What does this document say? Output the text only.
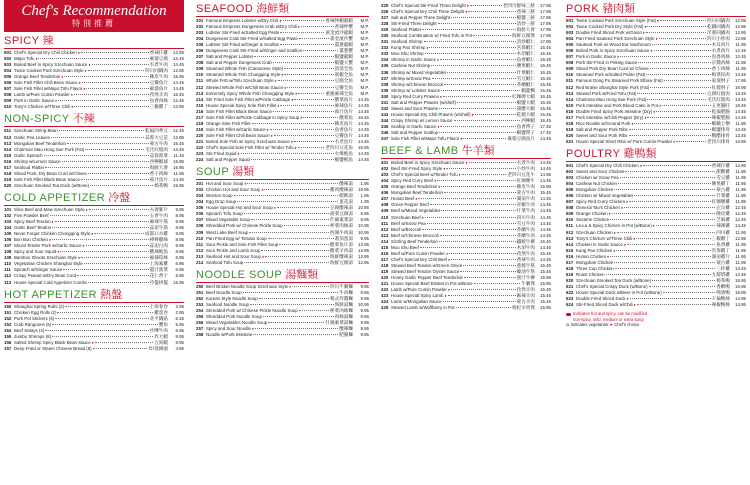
Chef's Recommendation
特別推薦
SPICY 辣
501 Chef's Special Dry Chili Chicken ♦	香辣仔雞	12.95
502 Mapo Tofu ♦	麻婆豆腐	12.45
503 Boiled Beef in Spicy Szechuan Sauce ♦	水煮牛肉	14.45
504 Twice Cooked Pork Szechuan Style ♦	四川回鍋肉	12.95
505 Orange Beef Tenderloin ♦	陳皮牛肉	15.95
506 Sole Fish Fillet Chili Bean Sauce ♦	豆瓣魚片	14.45
507 Sole Fish Fillet w/Mapo Tofu Flavor ♦	麻婆魚片	14.45
508 Lamb w/Pure Cumin Powder ♦	孜然羊肉	15.45
509 Pork in Garlic Sauce ♦	魚香肉絲	12.45
510 Tony's Chicken w/Three Chili ♦	三椒雞丁	12.95
NON-SPICY 不辣
511 Szechuan String Bean	乾煸四季豆	12.45
512 Garlic Pea Leaves	蒜蓉大豆苗	12.95
513 Mongolian Beef Tenderloin	蒙古牛肉	15.45
514 Chairman Mao Hong Sue Pork (Fat)	毛氏紅燒肉	13.45
515 Garlic Spinach	蒜蓉菠菜	11.45
516 Shrimp w/Lemon Sauce	西檸蝦球	15.95
517 Seafood Platter	海鮮大會	16.95
518 Sliced Pork, Dry Bean Curd w/Chives	香干肉絲	11.95
519 Sole Fish Fillet Black Bean Sauce	豉汁魚片	14.45
520 Szechuan Smoked Tea Duck (w/Bone)	樟茶鴨	15.95
COLD APPETIZER 冷盤
101 Slice Beef and Maw Szechuan Style ♦	夫妻肺片	9.95
102 Five Powder Beef	五香牛肉	8.95
103 Spicy Beef Tendon ♦	麻辣牛筋	8.95
104 Garlic Beef Tendon	蒜泥牛筋	8.95
105 Never Forget Chicken Chongqing Style ♦	成都口水雞	8.95
106 Bon Bon Chicken ♦	棒棒雞絲	8.95
107 Sliced Tender Pork w/Garlic Sauce ♦	蒜泥白肉	8.95
108 Spicy and Sour Squid ♦	酸辣魷魚	8.95
109 Bamboo Shoots Szechuan Style ♦	麻辣筍絲	6.95
110 Vegetarian Chicken Shanghai Style	上海素雞	6.95
111 Spinach w/Ginger Sauce	薑汁菠菜	6.95
112 Crispy Peanut w/Dry Bean Curd	花仁香干	5.95
113 House Special Cold Appetizer Combo	冷盤拼盤	15.95
HOT APPETIZER 熱盤
150 Shanghai Spring Rolls (2)	上海春卷	2.95
151 Chicken Egg Rolls (2)	雞蛋卷	2.95
152 Pork Pot Stickers (6)	北平鍋貼	6.45
153 Crab Rangoons (6)	蟹角	5.95
154 Beef Satays (4)	沙嗲牛肉	6.95
155 Jumbo Shrimps (8)	炸大蝦	8.95
156 Salted Shrimp Spicy Black Bean Sauce ♦	豆豉蝦	9.95
157 Deep Fried or Steam Chinese Bread (6)	炸/蒸饅頭	4.95
SEAFOOD 海鮮類
201 Famous Empress Lobster w/Dry Chili ♦	香辣仲蝦龍蝦	M.P.
202 Famous Empress Dungeness Crab w/Dry Chili ♦	香辣仲蟹	M.P.
203 Lobster Stir-Fried w/Salted Egg Paste	黃金流沙龍蝦	M.P.
204 Dungeness Crab Stir-Fried w/Salted Egg Paste	黃金流沙蟹	M.P.
205 Lobster Stir-Fried w/Ginger & Scallion	薑蔥龍蝦	M.P.
206 Dungeness Crab Stir-Fried w/Ginger and Scallion	薑蔥蟹	M.P.
207 Salt and Pepper Lobster	椒鹽龍蝦	M.P.
208 Salt and Pepper Dungeness Crab	椒鹽大蟹	M.P.
209 Steamed Whole Fish (Cantonese Style)	清蒸全魚	M.P.
210 Steamed Whole Fish Chongqing Style ♦	剁椒全魚	M.P.
211 Whole Fish w/Tofu Szechuan Style ♦	豆腐全魚	M.P.
212 Stewed Whole Fish w/Chili Bean Sauce ♦	豆瓣全魚	M.P.
213 Extremely Spicy Whole Fish Chongqing Style ♦	重慶麻辣全魚	M.P.
214 Stir Fried Sole Fish Fillet w/Pickle Cabbage ♦	酸菜魚片	14.45
215 House Special Spicy Sole Fish Fillet ♦	麻辣魚片	14.45
216 Sole Fish Fillet Black Bean Sauce	豉汁魚片	14.45
217 Sole Fish Fillet w/Pickle Cabbage in Spicy Soup ♦	酸菜魚	16.45
218 Orange Sole Fish Fillet	陳皮魚片	14.45
219 Sole Fish Fillet w/Garlic Sauce ♦	魚香魚片	14.45
220 Sole Fish Fillet Chili Bean Sauce ♦	豆瓣魚片	14.45
221 Boiled Sole Fish w/ Spicy Szechuan Sauce ♦	水煮魚片	14.45
222 Chef's Special Sole Fish Fillet w/ Tender Tofu ♦	老四川豆花魚	15.95
223 Stir-Fried Squid ♦	火爆魷魚	14.45
224 Salt and Pepper Squid	椒鹽魷魚	14.45
SOUP 湯類
201 Hot and Sour Soup ♦	酸辣湯	1.95
202 Chicken Hot and Sour Soup ♦	雞肉酸辣湯	10.95
203 Wonton Soup	餛飩湯	1.95
204 Egg Drop Soup	蛋花湯	1.95
205 House Special Hot and Sour Soup ♦	豆腐酸辣湯	10.95
206 Spinach Tofu Soup	菠菜豆腐湯	9.95
207 Mixed Vegetable Soup	什錦素菜湯	9.95
208 Shredded Pork w/ Chinese Pickle Soup	榨菜肉絲湯	10.95
209 West Lake Beef Soup	西湖牛肉湯	10.95
210 Pan Fried Egg w/ Tomato Soup	番茄蛋湯	9.95
211 Sour Pickle and Sole Fish Fillet Soup	酸菜魚片湯	13.95
212 Sour Pickle and Lamb Soup	酸菜羊肉湯	13.95
213 Seafood Hot and Sour Soup ♦	海鮮酸辣湯	12.95
214 Seafood Tofu Soup	海鮮豆腐湯	12.95
NOODLE SOUP 湯麵類
250 Beef Brisket Noodle Soup Szechuan Style ♦	四川牛腩麵	9.95
251 Beef Noodle Soup	牛肉麵	9.95
252 Korean Style Noodle Soup	韓式炸醬麵	9.95
253 Seafood Noodle Soup	海鮮湯麵	10.95
254 Shredded Pork w/ Chinese Pickle Noodle Soup	榨菜肉絲麵	9.95
255 Shredded Pork Noodle Soup	肉絲湯麵	9.95
256 Mixed Vegetables Noodle Soup	什錦素菜湯麵	9.95
257 Spicy and Sour Noodle ♦	酸辣麵	8.95
258 Noodle w/Pork Intestine	肥腸麵	9.95
325 Chef's Special Stir-Fried Three Delight ♦	老四川鮮味三鮮	17.95
326 Chef's Special Dry Chili Three Delight ♦	香辣三鮮	17.95
327 Salt and Pepper Three Delight	椒鹽三鮮	17.95
328 Stir-Fried Three Delight	清炒三鮮	17.95
329 Seafood Platter	海鮮大會	17.95
330 Seafood Combination w/ Fried Tofu in Pot	海鮮豆腐煲	17.95
331 Seafood Shrimp	清炒蝦仁	17.95
332 Kung Pao Shrimp ♦	宮保蝦仁	16.45
333 Moo Shu Shrimp	木須蝦仁	16.45
334 Shrimp in Garlic Sauce ♦	魚香蝦仁	16.45
335 Cashew Nut Shrimp	腰果蝦仁	16.45
336 Shrimp w/ Mixed Vegetables	什菜蝦仁	16.45
337 Shrimp w/Snow Pea	雪豆蝦仁	16.45
338 Shrimp w/Chinese Broccoli	芥蘭蝦仁	16.45
339 Shrimp w/ Lobster Sauce	蝦龍糊	16.45
340 Spicy Red Curry Prawns ♦	紅咖喱大蝦	16.45
341 Salt and Pepper Prawns (w/shell)	椒鹽大蝦	16.45
342 Sweet and Sour Prawns	甜酸大蝦	16.45
343 House Special Dry Chili Prawns (w/shell) ♦	乾燒大蝦	16.45
344 Crispy Shrimp w/ Lemon Sauce	西檸蝦	16.45
345 Scallop in Garlic Sauce ♦	魚香帶子	17.45
346 Salt and Pepper Scallop	椒鹽帶子	17.45
347 Sole Fish Fillet w/Mapo Tofu Flavor ♦	麻婆豆腐魚片	14.45
BEEF & LAMB 牛羊類
401 Boiled Beef in Spicy Szechuan Sauce ♦	水煮牛肉	14.45
402 Beef Stir-Fried Spicy Style ♦	小炒牛肉	14.45
403 Chef's Special Beef w/Tender Tofu ♦	老四川豆花牛	14.95
404 Spicy Red Curry Beef ♦	紅咖喱牛	14.45
405 Orange Beef Tenderloin ♦	陳皮牛肉	15.95
406 Mongolian Beef Tenderloin	蒙古牛肉	15.45
407 Hunan Beef ♦	湖南牛肉	14.45
408 Green Pepper Beef	青椒牛肉	14.45
409 Beef w/Mixed Vegetables	什菜牛肉	14.45
410 Szechuan Beef ♦	四川牛肉	14.45
411 Beef w/Snow Pea	雪豆牛肉	14.45
412 Beef w/Broccoli	芥蘭牛肉	14.45
413 Beef w/Chinese Broccoli	芥蘭牛肉	14.45
414 Sizzling Beef Tenderloin	鐵板牛柳	16.45
415 Moo Shu Beef	木須牛肉	14.45
416 Beef w/Pure Cumin Powder ♦	孜然牛肉	15.45
417 Chef's Special Dry Chili Beef ♦	香辣牛肉	14.45
418 Stewed Beef Tendon w/Green Onion	蔥燒牛筋	15.45
419 Stewed Beef Tendon Oyster Sauce	蠔油牛筋	15.45
420 Honey Garlic Pepper Beef Tenderloin	蜜汁牛柳	15.95
421 House Special Beef Brisket in Pot w/Bone	牛腩煲	15.95
422 Lamb w/Pure Cumin Powder ♦	孜然羊肉	15.45
423 House Special Spicy Lamb ♦	麻辣羊肉	15.45
424 Lamb w/Mongolian Sauce	蒙古羊肉	15.45
425 Stewed Lamb w/Wolfberry in Pot	枸杞羊肉煲	15.95
PORK 豬肉類
501 Twice Cooked Pork Szechuan Style (Fat) ♦	四川回鍋肉	12.95
502 Twice Cooked Pork Dry Style (Fat) ♦	乾鍋回鍋肉	12.95
503 Double Fried Sliced Pork w/Onion ♦	洋蔥回鍋肉	12.95
504 Pan Fried Sauteed Pork Szechuan Style ♦	四川小炒肉	12.95
505 Sauteed Pork w/ Wood Ear Mushroom	木耳肉片	11.95
506 Boiled Pork in Spicy Szechuan Sauce ♦	水煮肉片	12.45
507 Pork in Garlic Sauce ♦	魚香肉絲	12.45
508 Pork Stir-Fried in Peking Sauce	京醬肉絲	11.95
509 Sliced Pork Dry Bean Curd w/ Chives	香干肉絲	11.95
510 Steamed Pork w/Salted Pickle (Fat)	梅菜扣肉	13.45
511 Famous Dong Po Steamed Pork Elbow (Fat)	東坡肘子	17.95
512 Red Braise Shanghai Style Pork (Fat)	紅燒肘子	16.95
513 Stewed Pork w/Fried Tofu (Fat)	豆腐紅燒肉	13.45
514 Chairman Mao Hong Sue Pork (Fat)	毛氏紅燒肉	13.45
515 Pork Intestine and Pork Blood Cake in Pot ♦	五更腸旺	15.45
516 Double Fried Spicy Pork Intestine (Dry) ♦	乾煸肥腸	14.45
517 Pork Intestine w/Chili Pepper (Dry) ♦	辣椒肥腸	14.45
518 Rice Noodle w/Ground Pork ♦	螞蟻上樹	11.95
519 Salt and Pepper Pork Ribs	椒鹽排骨	13.45
520 Sweet and Sour Pork Ribs	糖醋排骨	13.45
521 House Special Short Ribs w/ Pure Cumin Powder ♦	老四川排骨	13.95
POULTRY 雞鴨類
601 Chef's Special Dry Chili Chicken ♦	香辣仔雞	12.95
602 Sweet and Sour Chicken	甜酸雞	11.95
603 Chicken w/ Snow Pea	雪豆雞	11.95
604 Cashew Nut Chicken	腰果雞丁	11.95
605 Mongolian Chicken	蒙古雞	11.95
606 Chicken w/ Mixed Vegetables	什菜雞	11.95
607 Spicy Red Curry Chicken ♦	紅咖喱雞	11.95
608 General Tao's Chicken ♦	左宗雞	12.45
609 Orange Chicken ♦	陳皮雞	12.45
610 Sesame Chicken	芝麻雞	12.45
611 La-La & Spicy Chicken in Pot (w/Bone) ♦	辣辣雞	14.45
612 Szechuan Chicken ♦	四川雞	11.95
613 Tony's Chicken w/Three Chili ♦	三椒雞丁	12.95
614 Chicken in Garlic Sauce ♦	魚香雞	11.95
615 Kung Pao Chicken ♦	宮保雞丁	11.95
616 Hunan Chicken ♦	湖南雞片	11.95
617 Mongolian Chicken	蒙古雞	11.95
618 Three Cup Chicken	三杯雞	13.45
619 Roast Chicken	九層塔雞	12.45
620 Szechuan Smoked Tea Duck (w/Bone)	樟茶鴨	15.95
621 Chef's Special Crispy Duck (w/Bone)	香酥鴨	16.95
622 House Special Duck w/Beer in Pot (w/Bone)	啤酒鴨	16.95
623 Double Fried Sliced Duck ♦	干煸鴨絲	14.95
624 Stir-Fried Sliced Duck w/Chili ♦	辣椒鴨絲	14.95
Indicates hot and spicy, can be modified
non-spicy, mild, medium or extra spicy
✿ Indicates vegetarian ★ Chef's choice
